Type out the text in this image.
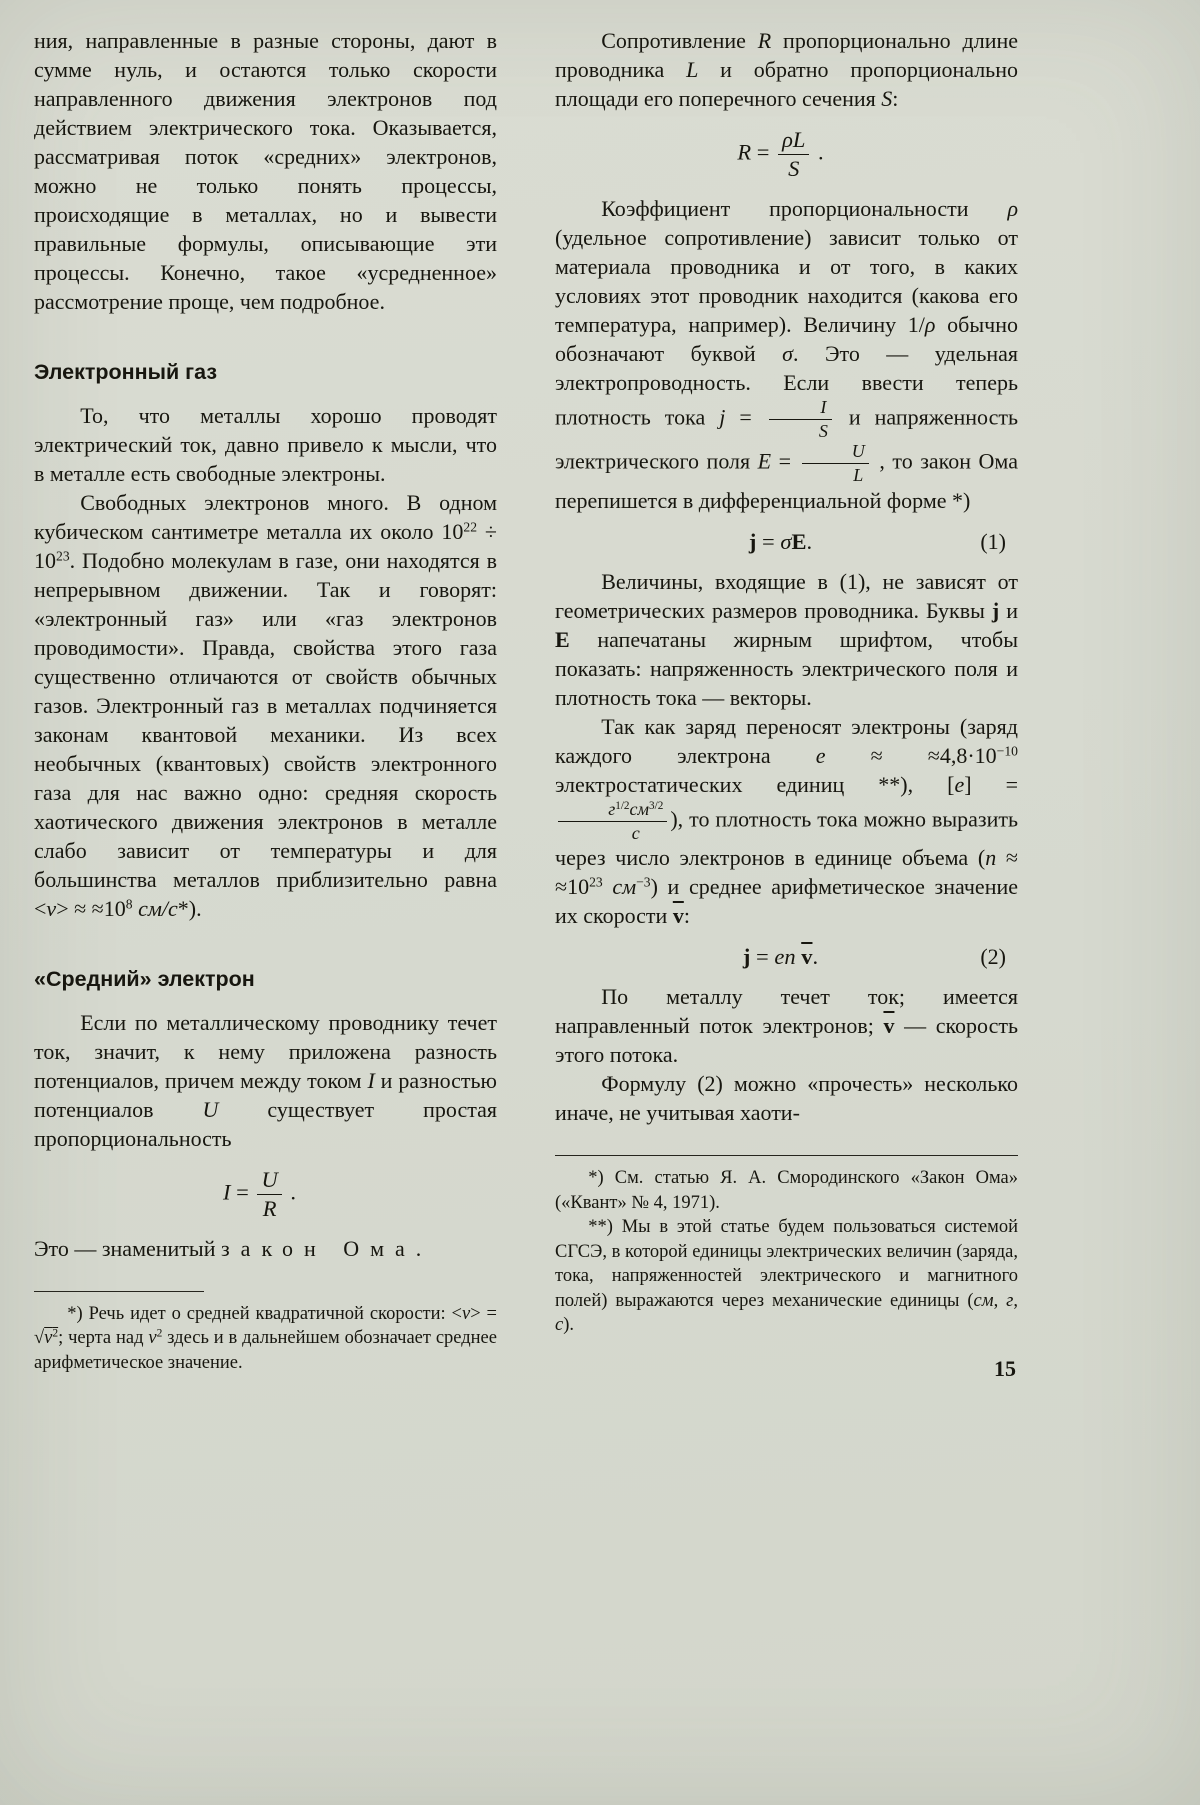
ния, направленные в разные стороны, дают в сумме нуль, и остаются только скорости направленного движения электронов под действием электрического тока. Оказывается, рассматривая поток «средних» электронов, можно не только понять процессы, происходящие в металлах, но и вывести правильные формулы, описывающие эти процессы. Конечно, такое «усредненное» рассмотрение проще, чем подробное.

Электронный газ

То, что металлы хорошо проводят электрический ток, давно привело к мысли, что в металле есть свободные электроны.

Свободных электронов много. В одном кубическом сантиметре металла их около $10^{22} \div 10^{23}$. Подобно молекулам в газе, они находятся в непрерывном движении. Так и говорят: «электронный газ» или «газ электронов проводимости». Правда, свойства этого газа существенно отличаются от свойств обычных газов. Электронный газ в металлах подчиняется законам квантовой механики. Из всех необычных (квантовых) свойств электронного газа для нас важно одно: средняя скорость хаотического движения электронов в металле слабо зависит от температуры и для большинства металлов приблизительно равна $<v> \approx \approx 10^8$ см/с*).

«Средний» электрон

Если по металлическому проводнику течет ток, значит, к нему приложена разность потенциалов, причем между током I и разностью потенциалов U существует простая пропорциональность

$I = \frac{U}{R}$ .

Это — знаменитый закон Ома.

*) Речь идет о средней квадратичной скорости: $<v> = √v^2$; черта над $v^2$ здесь и в дальнейшем обозначает среднее арифметическое значение.

Сопротивление R пропорционально длине проводника L и обратно пропорционально площади его поперечного сечения S:

$R = \frac{\rho L}{S}$ .

Коэффициент пропорциональности ρ (удельное сопротивление) зависит только от материала проводника и от того, в каких условиях этот проводник находится (какова его температура, например). Величину 1/ρ обычно обозначают буквой σ. Это — удельная электропроводность. Если ввести теперь плотность тока $j = \frac{I}{S}$ и напряженность электрического поля $E = \frac{U}{L}$ , то закон Ома перепишется в дифференциальной форме *)

j = σE.	(1)

Величины, входящие в (1), не зависят от геометрических размеров проводника. Буквы j и E напечатаны жирным шрифтом, чтобы показать: напряженность электрического поля и плотность тока — векторы.

Так как заряд переносят электроны (заряд каждого электрона $e \approx \approx 4,8\cdot 10^{-10}$ электростатических единиц **), [e] =
$\frac{г^{1/2}см^{3/2}}{с}$ ), то плотность тока можно выразить через число электронов в единице объема ($n \approx \approx 10^{23}$ $см^{-3}$) и среднее арифметическое значение их скорости $\overline{v}$:

j = en $\overline{v}$.	(2)

По металлу течет ток; имеется направленный поток электронов; $\overline{v}$ — скорость этого потока.

Формулу (2) можно «прочесть» несколько иначе, не учитывая хаоти-

*) См. статью Я. А. Смородинского «Закон Ома» («Квант» № 4, 1971).

**) Мы в этой статье будем пользоваться системой СГСЭ, в которой единицы электрических величин (заряда, тока, напряженностей электрического и магнитного полей) выражаются через механические единицы (см, г, с).

15
